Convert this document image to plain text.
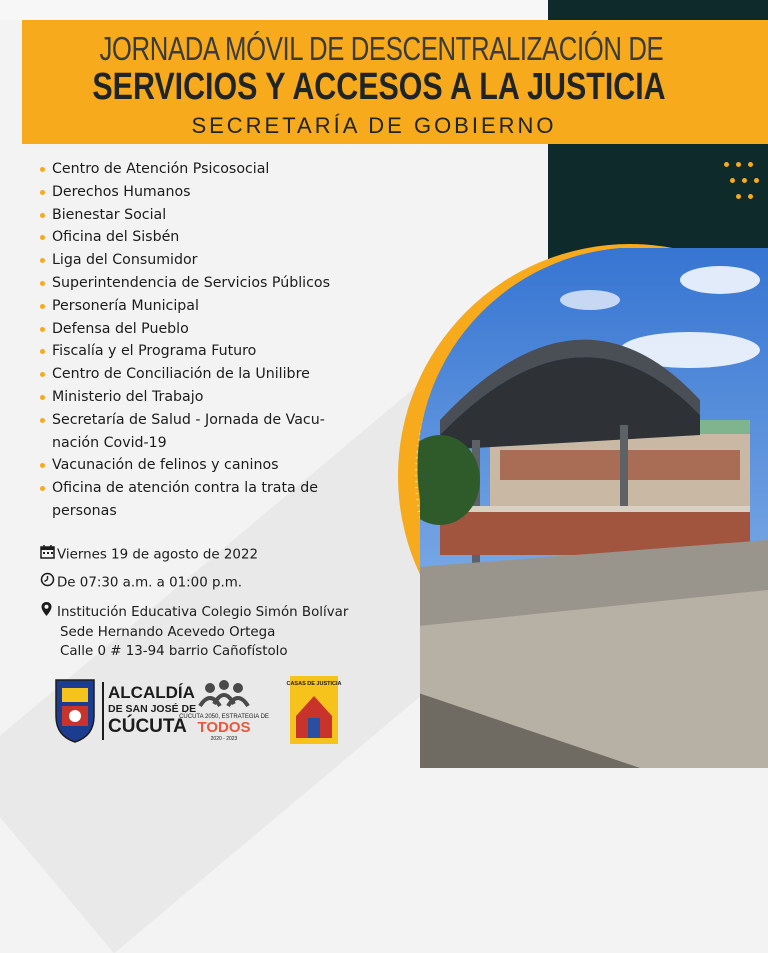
JORNADA MÓVIL DE DESCENTRALIZACIÓN DE
SERVICIOS Y ACCESOS A LA JUSTICIA
SECRETARÍA DE GOBIERNO
Centro de Atención Psicosocial
Derechos Humanos
Bienestar Social
Oficina del Sisbén
Liga del Consumidor
Superintendencia de Servicios Públicos
Personería Municipal
Defensa del Pueblo
Fiscalía y el Programa Futuro
Centro de Conciliación de la Unilibre
Ministerio del Trabajo
Secretaría de Salud - Jornada de Vacu-
nación Covid-19
Vacunación de felinos y caninos
Oficina de atención contra la trata de
personas
Viernes 19 de agosto de 2022
De 07:30 a.m. a 01:00 p.m.
Institución Educativa Colegio Simón Bolívar
Sede Hernando Acevedo Ortega
Calle 0 # 13-94 barrio Cañofístolo
ALCALDÍA
DE SAN JOSÉ DE
CÚCUTA
CÚCUTA 2050, ESTRATEGIA DE
TODOS
2020 - 2023
CASAS DE JUSTICIA
